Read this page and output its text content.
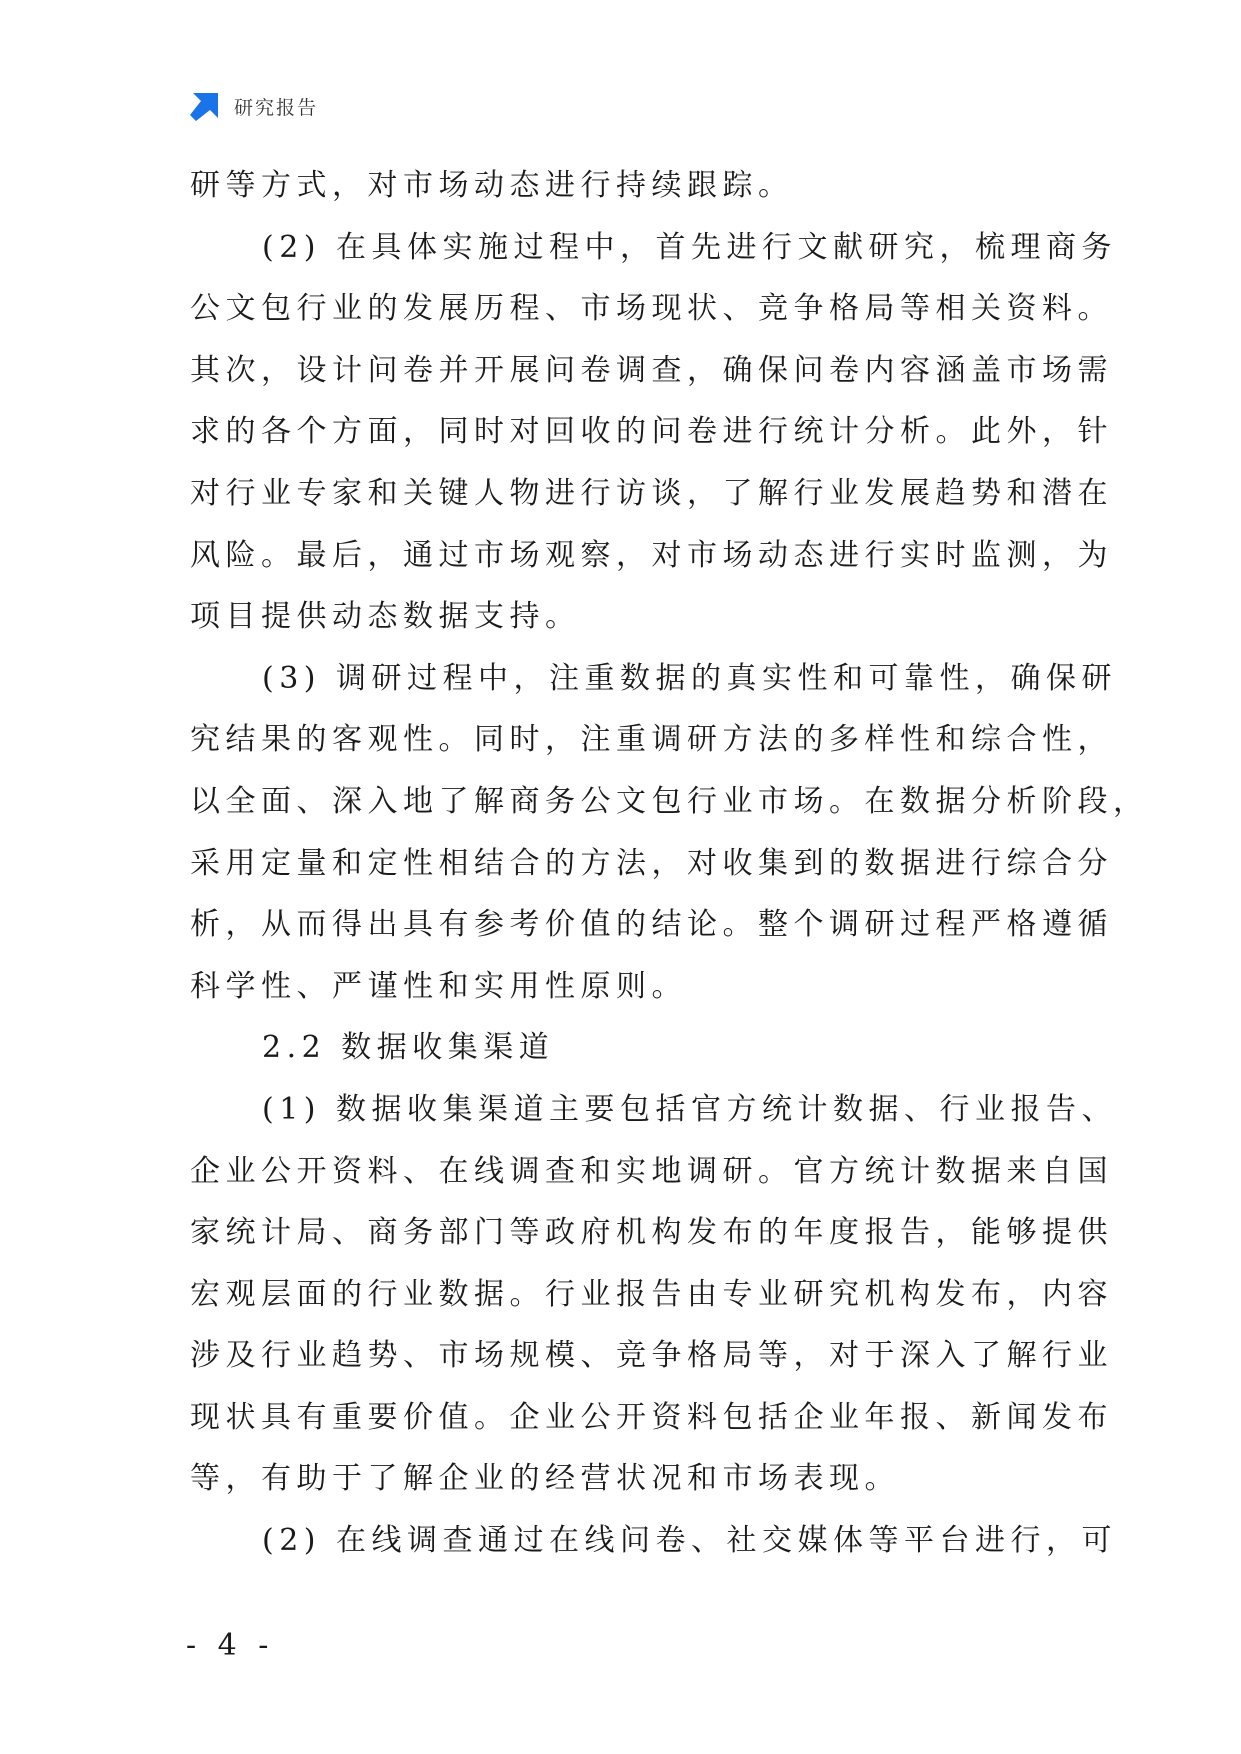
研究报告
研等方式，对市场动态进行持续跟踪。
(2) 在具体实施过程中，首先进行文献研究，梳理商务
公文包行业的发展历程、市场现状、竞争格局等相关资料。
其次，设计问卷并开展问卷调查，确保问卷内容涵盖市场需
求的各个方面，同时对回收的问卷进行统计分析。此外，针
对行业专家和关键人物进行访谈，了解行业发展趋势和潜在
风险。最后，通过市场观察，对市场动态进行实时监测，为
项目提供动态数据支持。
(3) 调研过程中，注重数据的真实性和可靠性，确保研
究结果的客观性。同时，注重调研方法的多样性和综合性，
以全面、深入地了解商务公文包行业市场。在数据分析阶段，
采用定量和定性相结合的方法，对收集到的数据进行综合分
析，从而得出具有参考价值的结论。整个调研过程严格遵循
科学性、严谨性和实用性原则。
2.2 数据收集渠道
(1) 数据收集渠道主要包括官方统计数据、行业报告、
企业公开资料、在线调查和实地调研。官方统计数据来自国
家统计局、商务部门等政府机构发布的年度报告，能够提供
宏观层面的行业数据。行业报告由专业研究机构发布，内容
涉及行业趋势、市场规模、竞争格局等，对于深入了解行业
现状具有重要价值。企业公开资料包括企业年报、新闻发布
等，有助于了解企业的经营状况和市场表现。
(2) 在线调查通过在线问卷、社交媒体等平台进行，可
- 4 -
